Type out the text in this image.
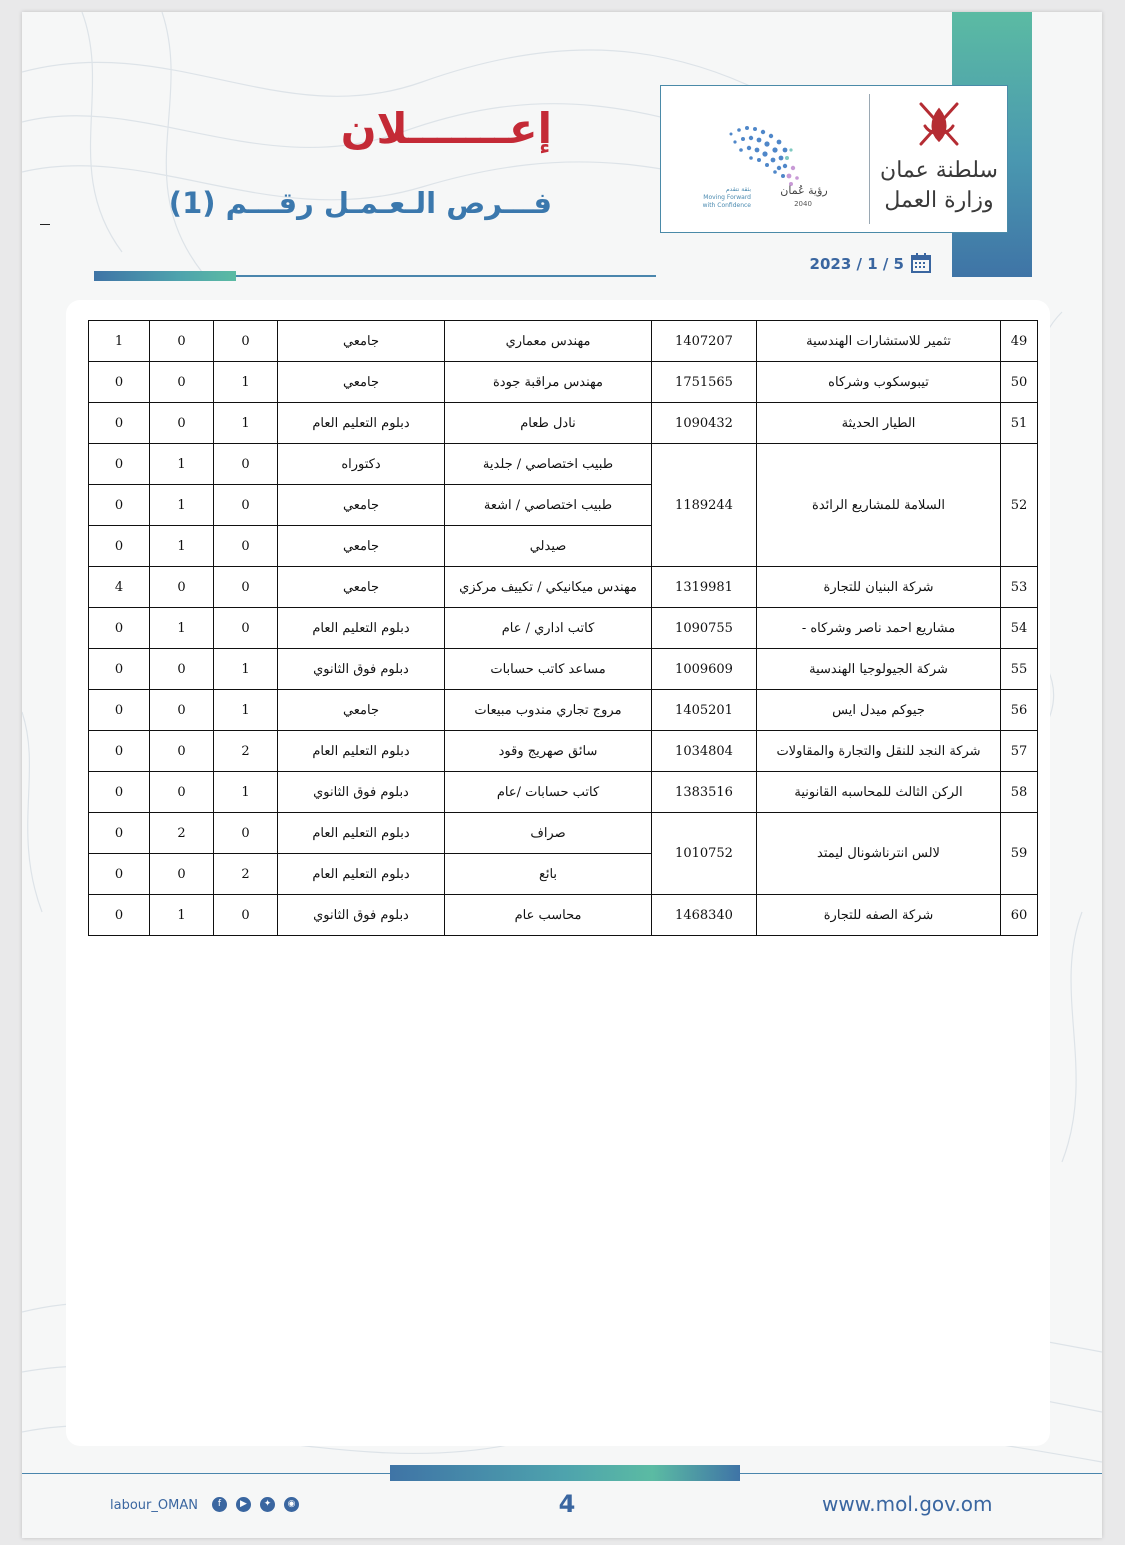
سلطنة عمان
وزارة العمل
رؤية عُمان
2040
بثقة نتقدم
Moving Forward
with Confidence
2023 / 1 / 5
إعـــــــلان
فـــرص الـعـمـل رقـــم (1)
1	0	0	جامعي	مهندس معماري	1407207	تثمير للاستشارات الهندسية	49
0	0	1	جامعي	مهندس مراقبة جودة	1751565	تيبوسكوب وشركاه	50
0	0	1	دبلوم التعليم العام	نادل طعام	1090432	الطيار الحديثة	51
0	1	0	دكتوراه	طبيب اختصاصي / جلدية	1189244	السلامة للمشاريع الرائدة	52
0	1	0	جامعي	طبيب اختصاصي / اشعة			
0	1	0	جامعي	صيدلي			
4	0	0	جامعي	مهندس ميكانيكي / تكييف مركزي	1319981	شركة البنيان للتجارة	53
0	1	0	دبلوم التعليم العام	كاتب اداري / عام	1090755	مشاريع احمد ناصر وشركاه -	54
0	0	1	دبلوم فوق الثانوي	مساعد كاتب حسابات	1009609	شركة الجيولوجيا الهندسية	55
0	0	1	جامعي	مروج تجاري مندوب مبيعات	1405201	جيوكم ميدل ايس	56
0	0	2	دبلوم التعليم العام	سائق صهريج وقود	1034804	شركة النجد للنقل والتجارة والمقاولات	57
0	0	1	دبلوم فوق الثانوي	كاتب حسابات /عام	1383516	الركن الثالث للمحاسبه القانونية	58
0	2	0	دبلوم التعليم العام	صراف	1010752	لالس انترناشونال ليمتد	59
0	0	2	دبلوم التعليم العام	بائع			
0	1	0	دبلوم فوق الثانوي	محاسب عام	1468340	شركة الصفه للتجارة	60
labour_OMAN	f	▶	✦	◉	4	www.mol.gov.om
